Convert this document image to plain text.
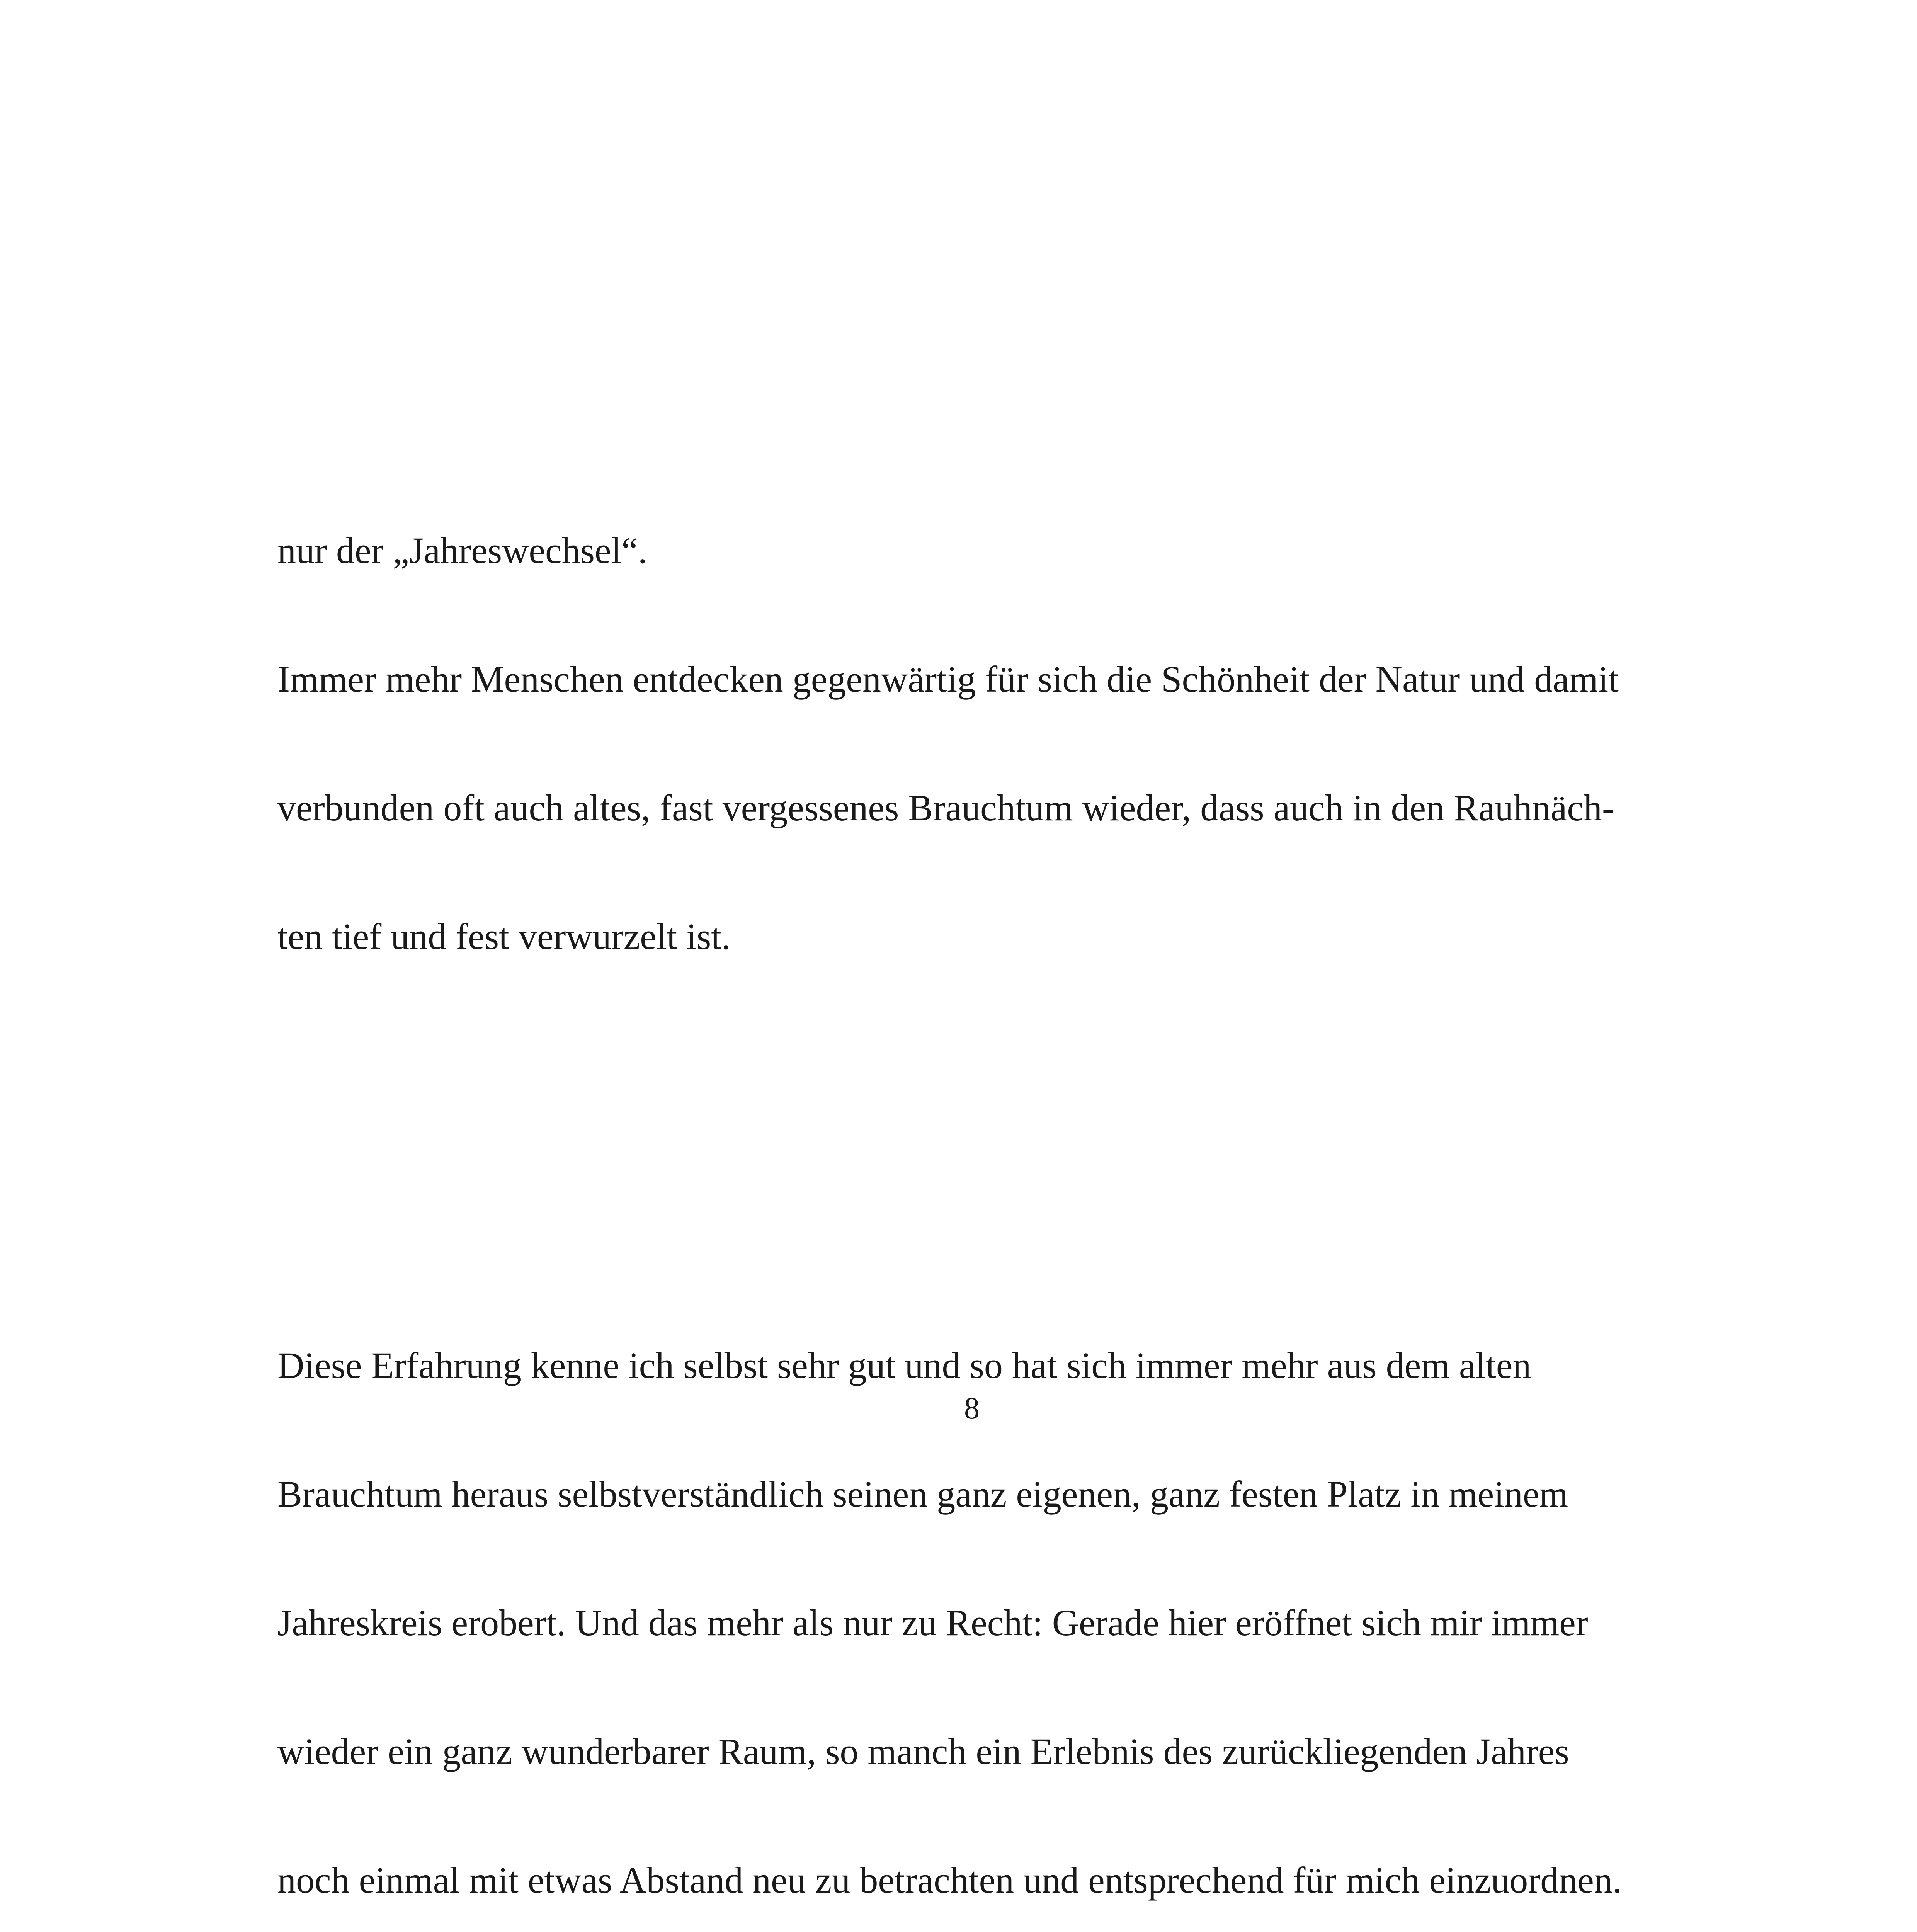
nur der „Jahreswechsel“.

Immer mehr Menschen entdecken gegenwärtig für sich die Schönheit der Natur und damit

verbunden oft auch altes, fast vergessenes Brauchtum wieder, dass auch in den Rauhnäch-

ten tief und fest verwurzelt ist.

Diese Erfahrung kenne ich selbst sehr gut und so hat sich immer mehr aus dem alten

Brauchtum heraus selbstverständlich seinen ganz eigenen, ganz festen Platz in meinem

Jahreskreis erobert. Und das mehr als nur zu Recht: Gerade hier eröffnet sich mir immer

wieder ein ganz wunderbarer Raum, so manch ein Erlebnis des zurückliegenden Jahres

noch einmal mit etwas Abstand neu zu betrachten und entsprechend für mich einzuordnen.

8
